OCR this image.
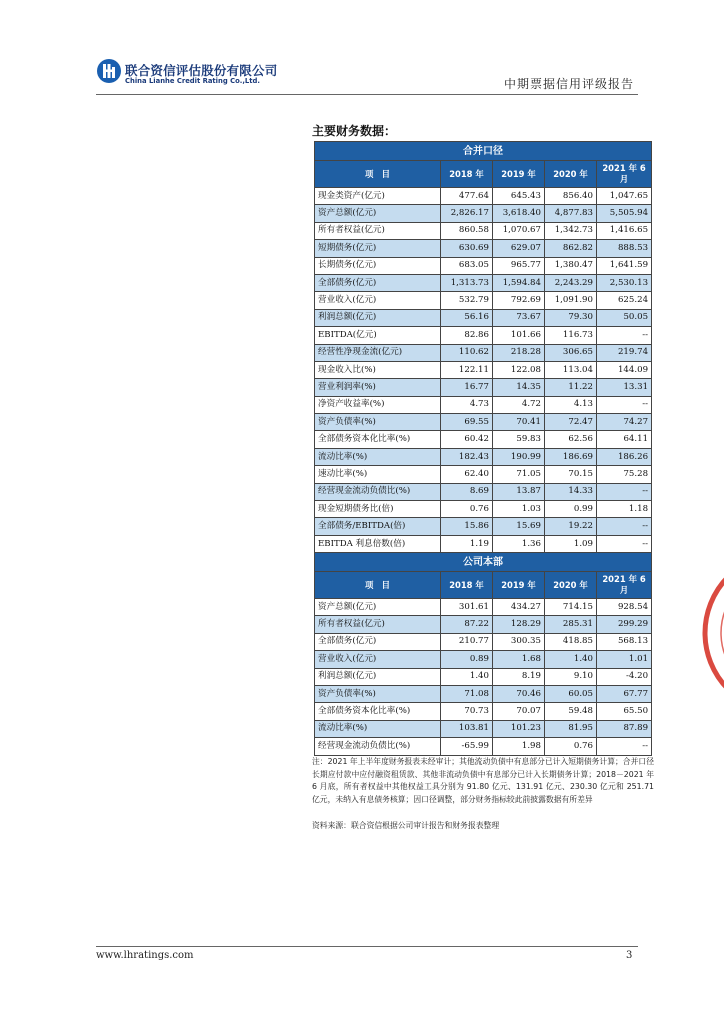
联合资信评估股份有限公司
China Lianhe Credit Rating Co.,Ltd.	中期票据信用评级报告
主要财务数据：
合并口径				
项　目	2018 年	2019 年	2020 年	2021 年 6月
现金类资产(亿元)	477.64	645.43	856.40	1,047.65
资产总额(亿元)	2,826.17	3,618.40	4,877.83	5,505.94
所有者权益(亿元)	860.58	1,070.67	1,342.73	1,416.65
短期债务(亿元)	630.69	629.07	862.82	888.53
长期债务(亿元)	683.05	965.77	1,380.47	1,641.59
全部债务(亿元)	1,313.73	1,594.84	2,243.29	2,530.13
营业收入(亿元)	532.79	792.69	1,091.90	625.24
利润总额(亿元)	56.16	73.67	79.30	50.05
EBITDA(亿元)	82.86	101.66	116.73	--
经营性净现金流(亿元)	110.62	218.28	306.65	219.74
现金收入比(%)	122.11	122.08	113.04	144.09
营业利润率(%)	16.77	14.35	11.22	13.31
净资产收益率(%)	4.73	4.72	4.13	--
资产负债率(%)	69.55	70.41	72.47	74.27
全部债务资本化比率(%)	60.42	59.83	62.56	64.11
流动比率(%)	182.43	190.99	186.69	186.26
速动比率(%)	62.40	71.05	70.15	75.28
经营现金流动负债比(%)	8.69	13.87	14.33	--
现金短期债务比(倍)	0.76	1.03	0.99	1.18
全部债务/EBITDA(倍)	15.86	15.69	19.22	--
EBITDA 利息倍数(倍)	1.19	1.36	1.09	--
公司本部				
项　目	2018 年	2019 年	2020 年	2021 年 6月
资产总额(亿元)	301.61	434.27	714.15	928.54
所有者权益(亿元)	87.22	128.29	285.31	299.29
全部债务(亿元)	210.77	300.35	418.85	568.13
营业收入(亿元)	0.89	1.68	1.40	1.01
利润总额(亿元)	1.40	8.19	9.10	-4.20
资产负债率(%)	71.08	70.46	60.05	67.77
全部债务资本化比率(%)	70.73	70.07	59.48	65.50
流动比率(%)	103.81	101.23	81.95	87.89
经营现金流动负债比(%)	-65.99	1.98	0.76	--
注：2021 年上半年度财务报表未经审计；其他流动负债中有息部分已计入短期债务计算；合并口径长期应付款中应付融资租赁款、其他非流动负债中有息部分已计入长期债务计算；2018－2021 年 6 月底，所有者权益中其他权益工具分别为 91.80 亿元、131.91 亿元、230.30 亿元和 251.71 亿元，未纳入有息债务核算；因口径调整，部分财务指标较此前披露数据有所差异
资料来源：联合资信根据公司审计报告和财务报表整理
www.lhratings.com	3
